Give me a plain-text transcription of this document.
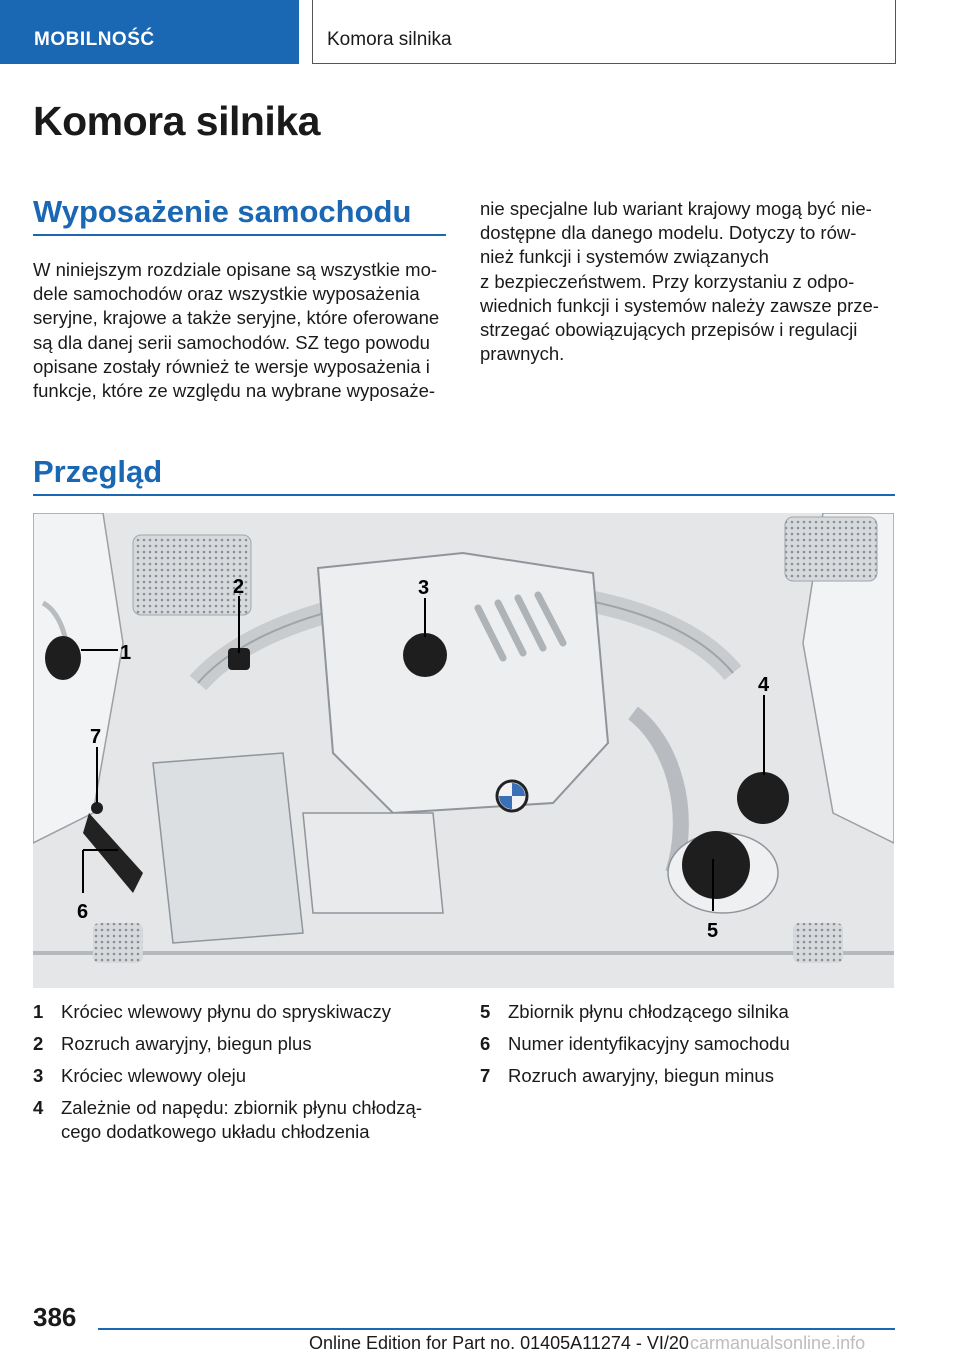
MOBILNOŚĆ	Komora silnika
Komora silnika
Wyposażenie samochodu
W niniejszym rozdziale opisane są wszystkie mo‐
dele samochodów oraz wszystkie wyposażenia
seryjne, krajowe a także seryjne, które oferowane
są dla danej serii samochodów. SZ tego powodu
opisane zostały również te wersje wyposażenia i
funkcje, które ze względu na wybrane wyposaże‐
nie specjalne lub wariant krajowy mogą być nie‐
dostępne dla danego modelu. Dotyczy to rów‐
nież funkcji i systemów związanych
z bezpieczeństwem. Przy korzystaniu z odpo‐
wiednich funkcji i systemów należy zawsze prze‐
strzegać obowiązujących przepisów i regulacji
prawnych.
Przegląd
1
2	3
4
5
6
7
1 Króciec wlewowy płynu do spryskiwaczy
2 Rozruch awaryjny, biegun plus
3 Króciec wlewowy oleju
4 Zależnie od napędu: zbiornik płynu chłodzą‐
cego dodatkowego układu chłodzenia
5 Zbiornik płynu chłodzącego silnika
6 Numer identyfikacyjny samochodu
7 Rozruch awaryjny, biegun minus
386
Online Edition for Part no. 01405A11274 - VI/20 carmanualsonline.info
